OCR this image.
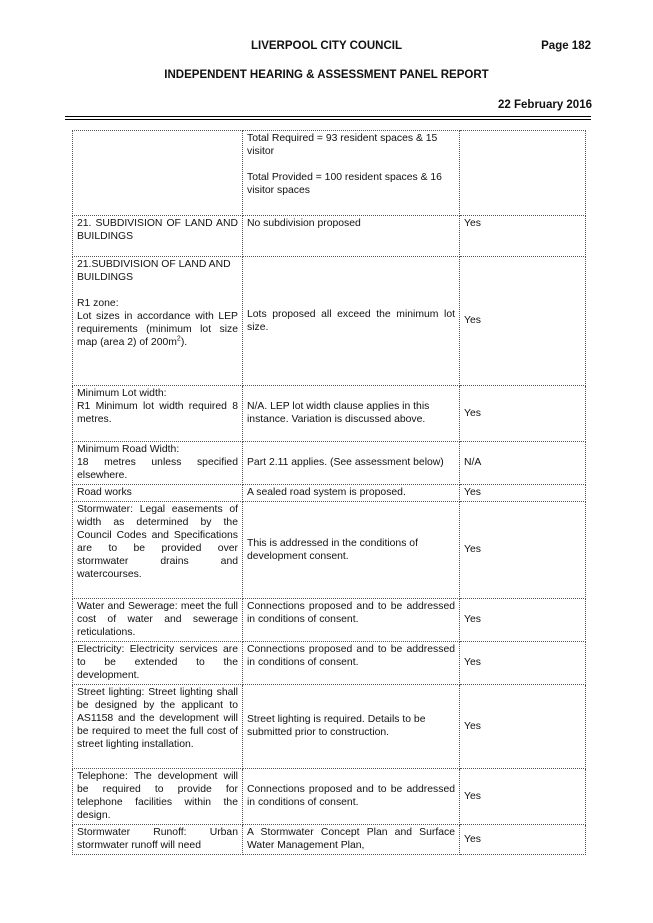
LIVERPOOL CITY COUNCIL	Page 182
INDEPENDENT HEARING & ASSESSMENT PANEL REPORT
22 February 2016

	Total Required = 93 resident spaces & 15 visitor

Total Provided = 100 resident spaces & 16 visitor spaces	

21. SUBDIVISION OF LAND AND BUILDINGS	No subdivision proposed	Yes

21.SUBDIVISION OF LAND AND BUILDINGS

R1 zone:

Lot sizes in accordance with LEP requirements (minimum lot size map (area 2) of $200m^2$).	Lots proposed all exceed the minimum lot size.	Yes

Minimum Lot width:

R1 Minimum lot width required 8 metres.	N/A. LEP lot width clause applies in this instance. Variation is discussed above.	Yes

Minimum Road Width:

18 metres unless specified elsewhere.	Part 2.11 applies. (See assessment below)	N/A

Road works	A sealed road system is proposed.	Yes

Stormwater: Legal easements of width as determined by the Council Codes and Specifications are to be provided over stormwater drains and watercourses.	This is addressed in the conditions of development consent.	Yes

Water and Sewerage: meet the full cost of water and sewerage reticulations.	Connections proposed and to be addressed in conditions of consent.	Yes

Electricity: Electricity services are to be extended to the development.	Connections proposed and to be addressed in conditions of consent.	Yes

Street lighting: Street lighting shall be designed by the applicant to AS1158 and the development will be required to meet the full cost of street lighting installation.	Street lighting is required. Details to be submitted prior to construction.	Yes

Telephone: The development will be required to provide for telephone facilities within the design.	Connections proposed and to be addressed in conditions of consent.	Yes

Stormwater Runoff: Urban stormwater runoff will need	A Stormwater Concept Plan and Surface Water Management Plan,	Yes
